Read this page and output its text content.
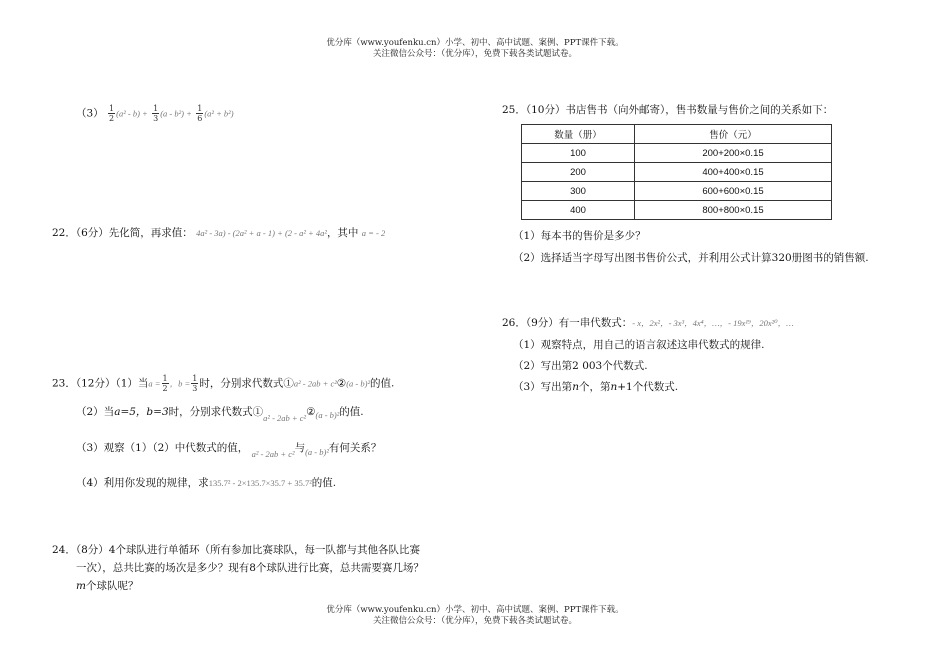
优分库（www.youfenku.cn）小学、初中、高中试题、案例、PPT课件下载。
关注微信公众号：（优分库），免费下载各类试题试卷。
$(3) \frac{1}{2} (a^2 - b) + \frac{1}{3} (a - b^2) + \frac{1}{6} (a^2 + b^2)$
22．（6分）先化简，再求值： 4a² - 3a) - (2a² + a - 1) + (2 - a² + 4a²，其中 a = - 2
23．（12分）（1）当$a = \frac{1}{2}$ ，$b = \frac{1}{3}$ 时，分别求代数式①a² - 2ab + c²②(a - b)²的值.
（2）当a=5，b=3时，分别求代数式$①_{a^2 - 2ab + c^2}②_{(a - b)^2}$的值.
（3）观察（1）（2）中代数式的值， $_{a^2 - 2ab + c^2}$与$_{(a - b)^2}$有何关系？
（4）利用你发现的规律，求135.7² - 2×135.7×35.7 + 35.7²的值.
24．（8分）4个球队进行单循环（所有参加比赛球队，每一队都与其他各队比赛
一次），总共比赛的场次是多少？现有8个球队进行比赛，总共需要赛几场？
m个球队呢？
25．（10分）书店售书（向外邮寄），售书数量与售价之间的关系如下：
数量（册）	售价（元）
100	200+200×0.15
200	400+400×0.15
300	600+600×0.15
400	800+800×0.15
（1）每本书的售价是多少？
（2）选择适当字母写出图书售价公式，并利用公式计算320册图书的销售额.
26．（9分）有一串代数式：- x，2x²，- 3x³，4x⁴，…，- 19x¹⁹，20x²⁰，…
（1）观察特点，用自己的语言叙述这串代数式的规律.
（2）写出第2 003个代数式.
（3）写出第n个，第n+1个代数式.
优分库（www.youfenku.cn）小学、初中、高中试题、案例、PPT课件下载。
关注微信公众号：（优分库），免费下载各类试题试卷。
